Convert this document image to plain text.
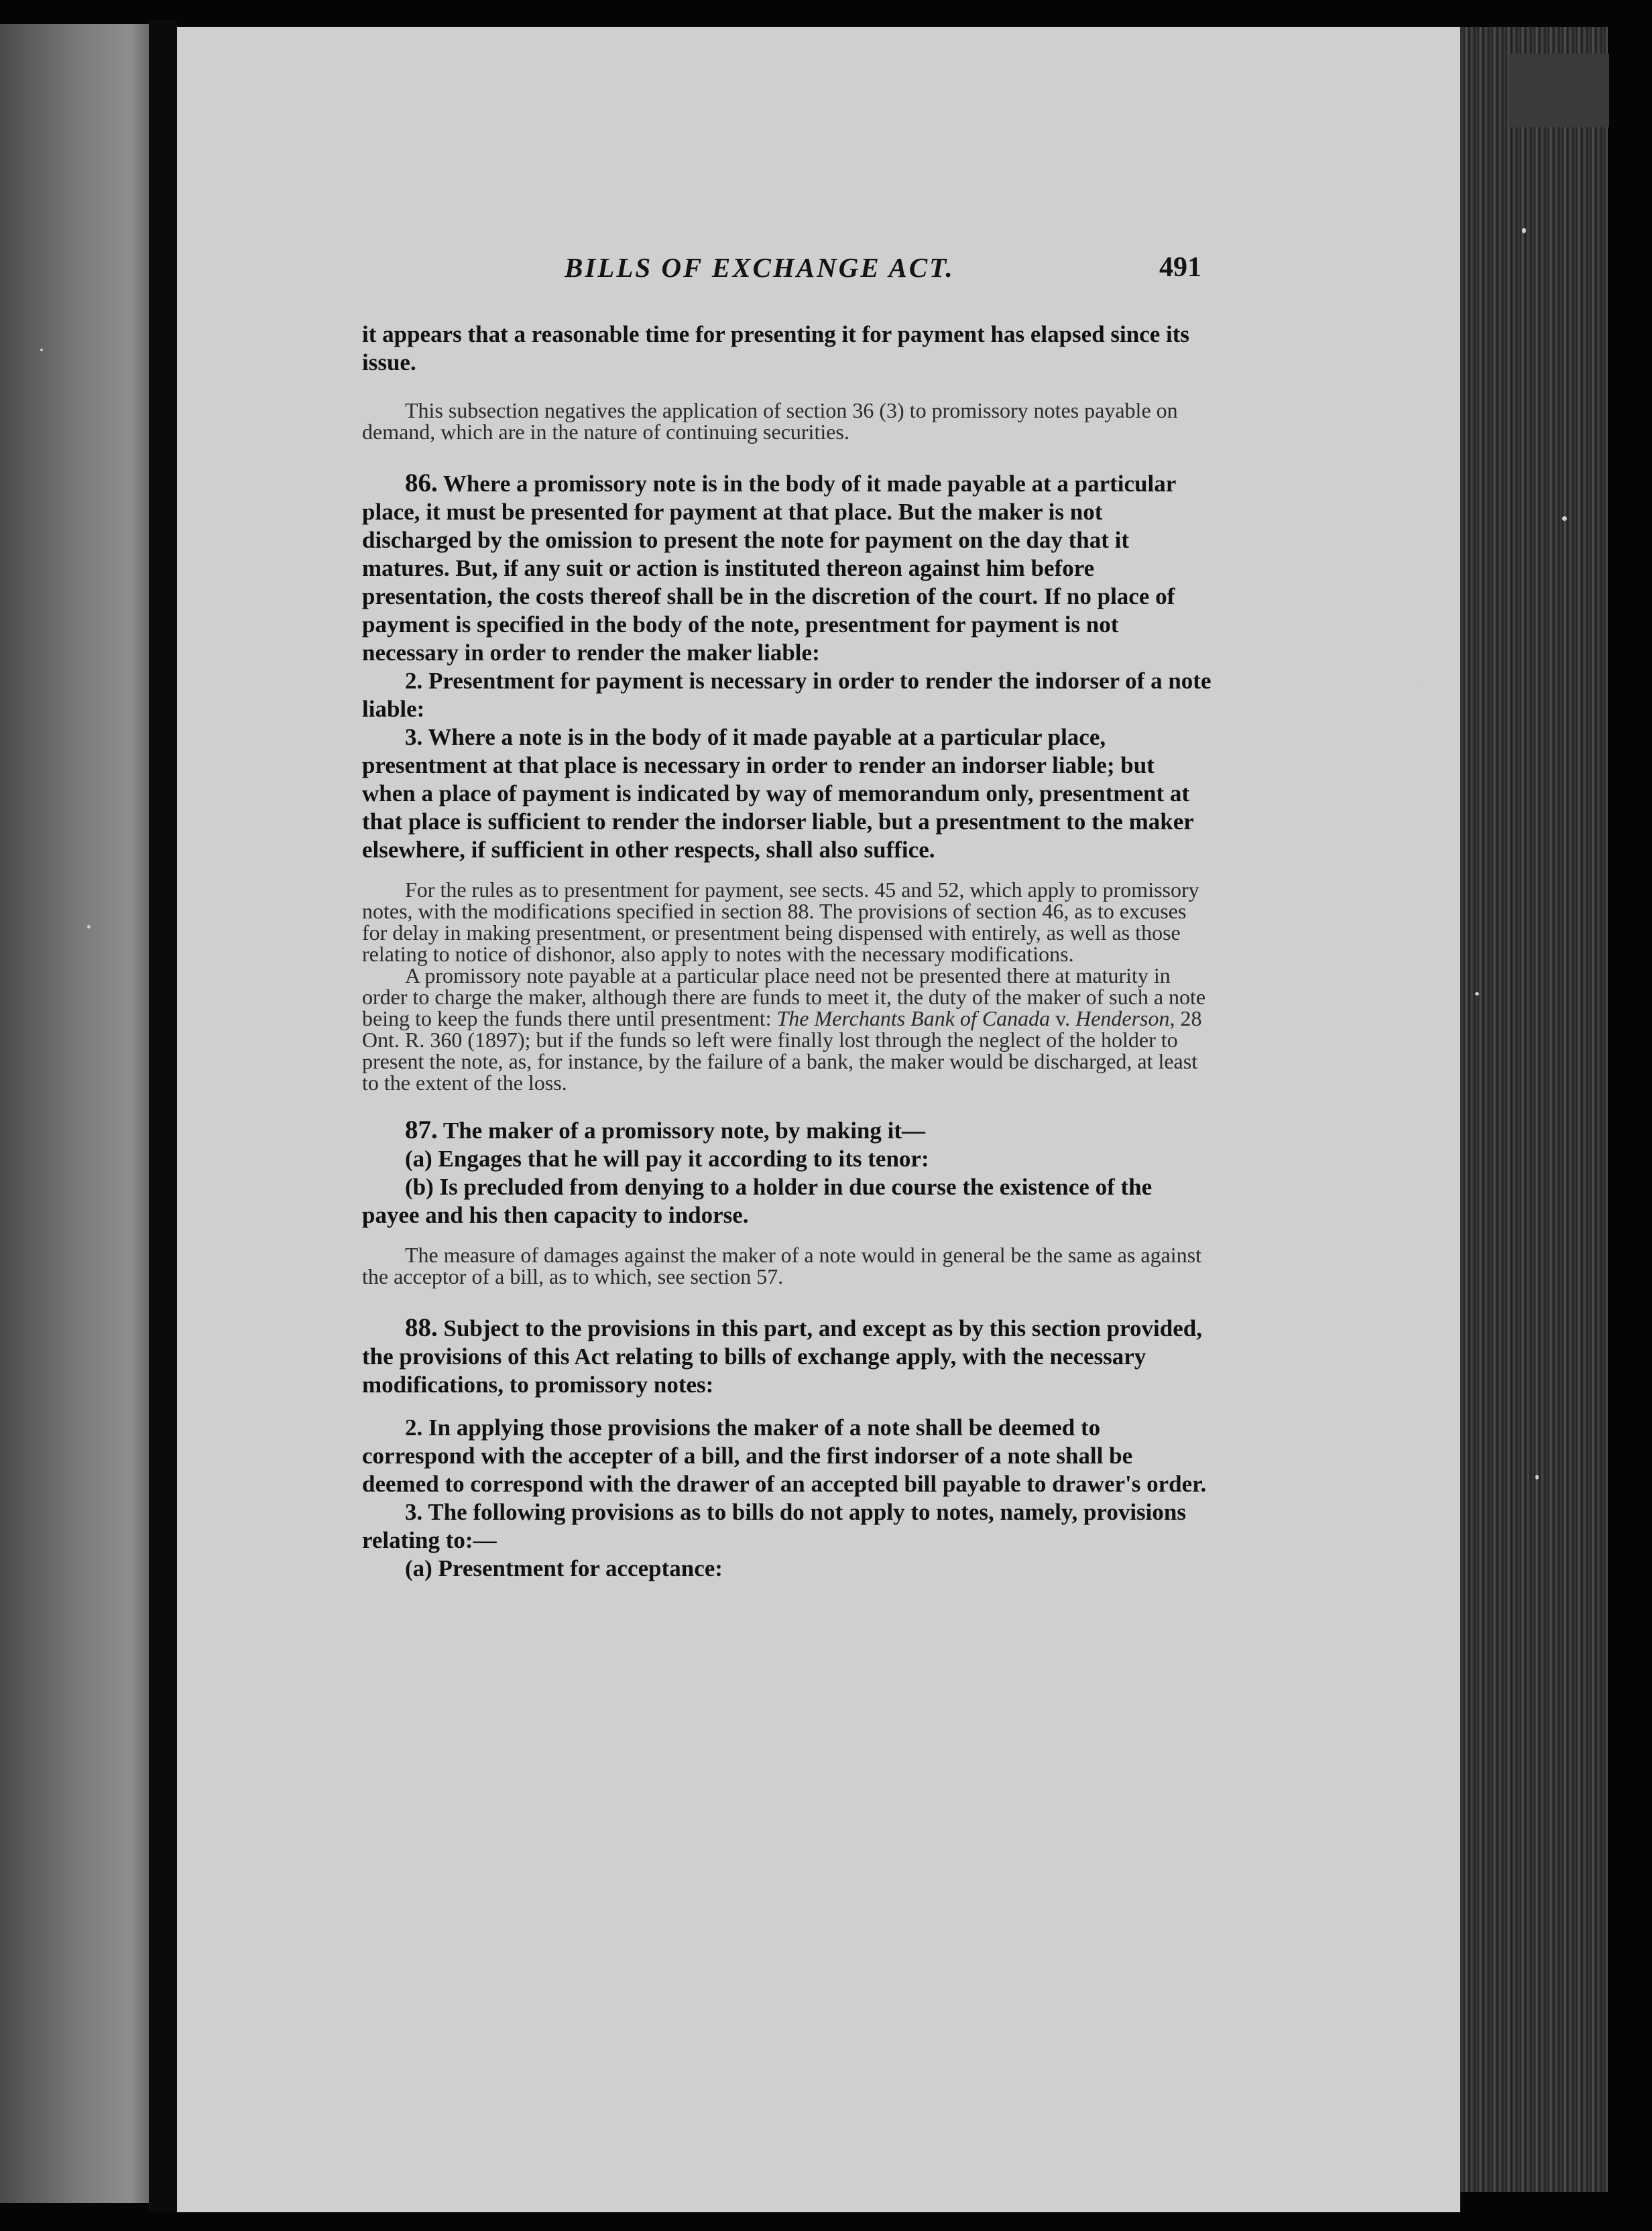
BILLS OF EXCHANGE ACT.	491

it appears that a reasonable time for presenting it for payment has elapsed since its issue.

This subsection negatives the application of section 36 (3) to promissory notes payable on demand, which are in the nature of continuing securities.

86. Where a promissory note is in the body of it made payable at a particular place, it must be presented for payment at that place. But the maker is not discharged by the omission to present the note for payment on the day that it matures. But, if any suit or action is instituted thereon against him before presentation, the costs thereof shall be in the discretion of the court. If no place of payment is specified in the body of the note, presentment for payment is not necessary in order to render the maker liable:

2. Presentment for payment is necessary in order to render the indorser of a note liable:

3. Where a note is in the body of it made payable at a particular place, presentment at that place is necessary in order to render an indorser liable; but when a place of payment is indicated by way of memorandum only, presentment at that place is sufficient to render the indorser liable, but a presentment to the maker elsewhere, if sufficient in other respects, shall also suffice.

For the rules as to presentment for payment, see sects. 45 and 52, which apply to promissory notes, with the modifications specified in section 88. The provisions of section 46, as to excuses for delay in making presentment, or presentment being dispensed with entirely, as well as those relating to notice of dishonor, also apply to notes with the necessary modifications.

A promissory note payable at a particular place need not be presented there at maturity in order to charge the maker, although there are funds to meet it, the duty of the maker of such a note being to keep the funds there until presentment: The Merchants Bank of Canada v. Henderson, 28 Ont. R. 360 (1897); but if the funds so left were finally lost through the neglect of the holder to present the note, as, for instance, by the failure of a bank, the maker would be discharged, at least to the extent of the loss.

87. The maker of a promissory note, by making it—

(a) Engages that he will pay it according to its tenor:

(b) Is precluded from denying to a holder in due course the existence of the payee and his then capacity to indorse.

The measure of damages against the maker of a note would in general be the same as against the acceptor of a bill, as to which, see section 57.

88. Subject to the provisions in this part, and except as by this section provided, the provisions of this Act relating to bills of exchange apply, with the necessary modifications, to promissory notes:

2. In applying those provisions the maker of a note shall be deemed to correspond with the accepter of a bill, and the first indorser of a note shall be deemed to correspond with the drawer of an accepted bill payable to drawer's order.

3. The following provisions as to bills do not apply to notes, namely, provisions relating to:—

(a) Presentment for acceptance:
